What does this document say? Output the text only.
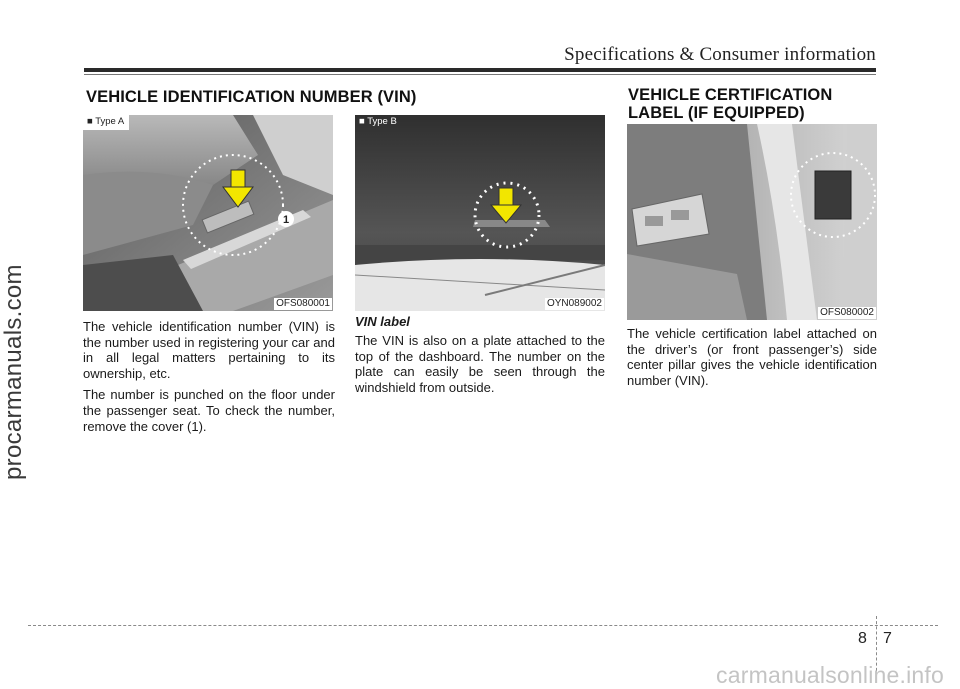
Specifications & Consumer information
VEHICLE IDENTIFICATION NUMBER (VIN)
1
■ Type A
OFS080001
■ Type B
OYN089002

The vehicle identification number (VIN) is the number used in registering your car and in all legal matters pertaining to its ownership, etc.

The number is punched on the floor under the passenger seat. To check the number, remove the cover (1).

VIN label
The VIN is also on a plate attached to the top of the dashboard. The number on the plate can easily be seen through the windshield from outside.
VEHICLE CERTIFICATION
LABEL (IF EQUIPPED)
OFS080002
The vehicle certification label attached on the driver’s (or front passenger’s) side center pillar gives the vehicle identification number (VIN).
8 7
procarmanuals.com
carmanualsonline.info
